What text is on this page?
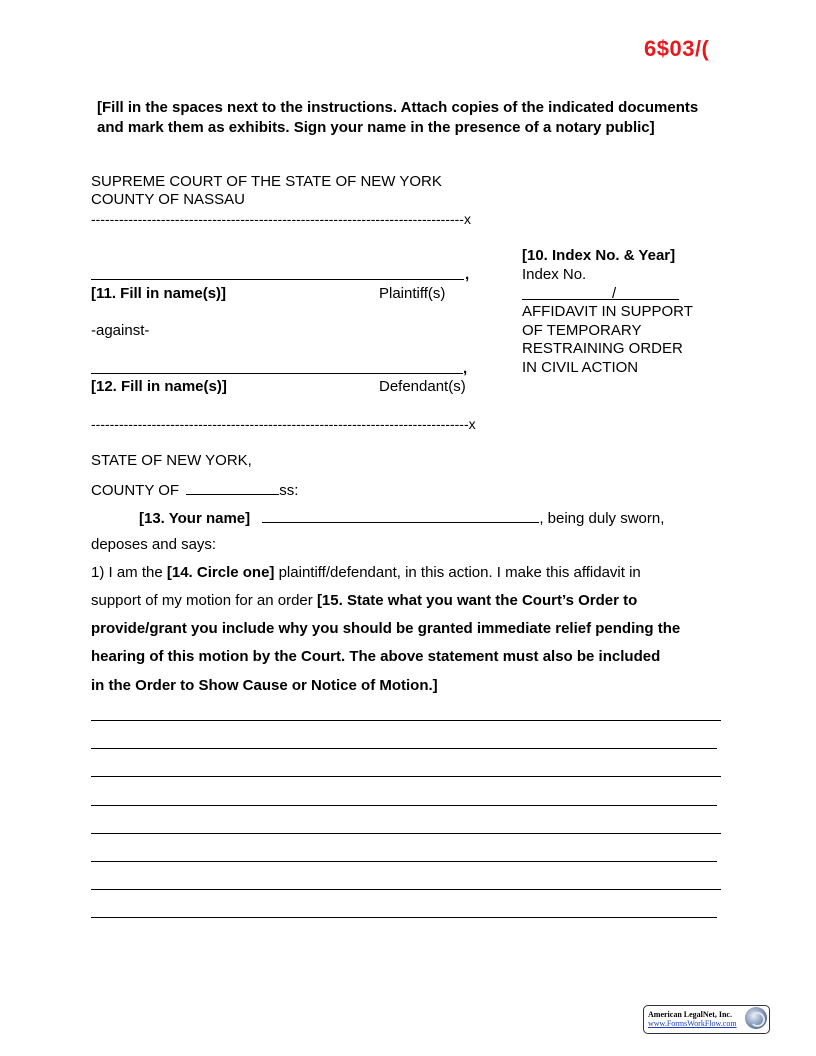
6$03/(
[Fill in the spaces next to the instructions. Attach copies of the indicated documents and mark them as exhibits. Sign your name in the presence of a notary public]
SUPREME COURT OF THE STATE OF NEW YORK
COUNTY OF NASSAU
--------------------------------------------------------------------------------x
,
[11. Fill in name(s)]	Plaintiff(s)
-against-
,
[12. Fill in name(s)]	Defendant(s)
---------------------------------------------------------------------------------x
[10. Index No. & Year]
Index No.
/
AFFIDAVIT IN SUPPORT
OF TEMPORARY
RESTRAINING ORDER
IN CIVIL ACTION
STATE OF NEW YORK,
COUNTY OF	ss:
[13. Your name]	, being duly sworn,
deposes and says:
1) I am the [14. Circle one] plaintiff/defendant, in this action. I make this affidavit in
support of my motion for an order [15. State what you want the Court’s Order to
provide/grant you include why you should be granted immediate relief pending the
hearing of this motion by the Court. The above statement must also be included
in the Order to Show Cause or Notice of Motion.]
American LegalNet, Inc.
www.FormsWorkFlow.com
